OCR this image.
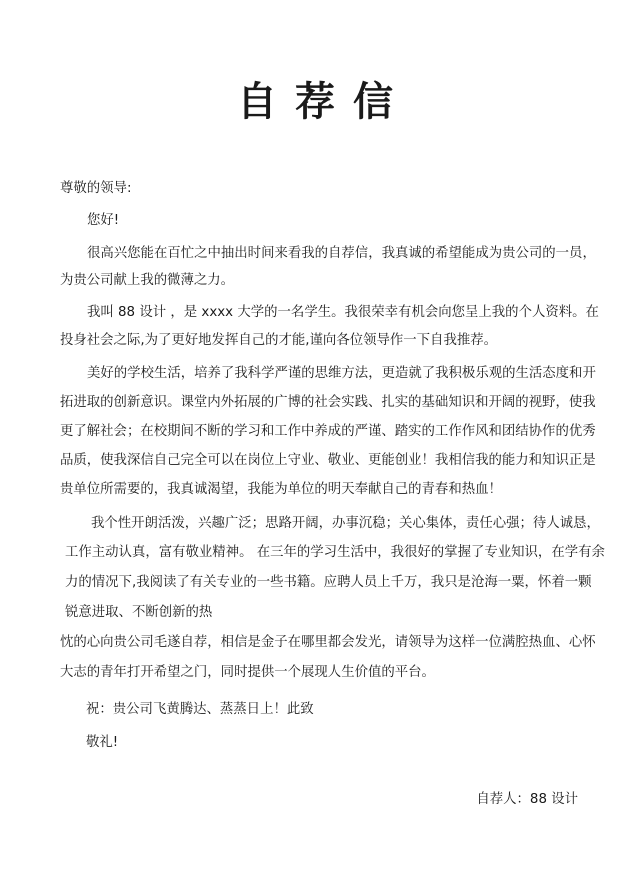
自荐信
尊敬的领导:
您好!
很高兴您能在百忙之中抽出时间来看我的自荐信，我真诚的希望能成为贵公司的一员，
为贵公司献上我的微薄之力。
我叫 88 设计 ，是 xxxx 大学的一名学生。我很荣幸有机会向您呈上我的个人资料。在
投身社会之际,为了更好地发挥自己的才能,谨向各位领导作一下自我推荐。
美好的学校生活，培养了我科学严谨的思维方法，更造就了我积极乐观的生活态度和开
拓进取的创新意识。课堂内外拓展的广博的社会实践、扎实的基础知识和开阔的视野，使我
更了解社会；在校期间不断的学习和工作中养成的严谨、踏实的工作作风和团结协作的优秀
品质，使我深信自己完全可以在岗位上守业、敬业、更能创业！我相信我的能力和知识正是
贵单位所需要的，我真诚渴望，我能为单位的明天奉献自己的青春和热血！
我个性开朗活泼，兴趣广泛；思路开阔，办事沉稳；关心集体，责任心强；待人诚恳，
工作主动认真，富有敬业精神。 在三年的学习生活中，我很好的掌握了专业知识，在学有余
力的情况下,我阅读了有关专业的一些书籍。应聘人员上千万，我只是沧海一粟，怀着一颗
锐意进取、不断创新的热
忱的心向贵公司毛遂自荐，相信是金子在哪里都会发光，请领导为这样一位满腔热血、心怀
大志的青年打开希望之门，同时提供一个展现人生价值的平台。
祝：贵公司飞黄腾达、蒸蒸日上！此致
敬礼!
自荐人：88 设计
